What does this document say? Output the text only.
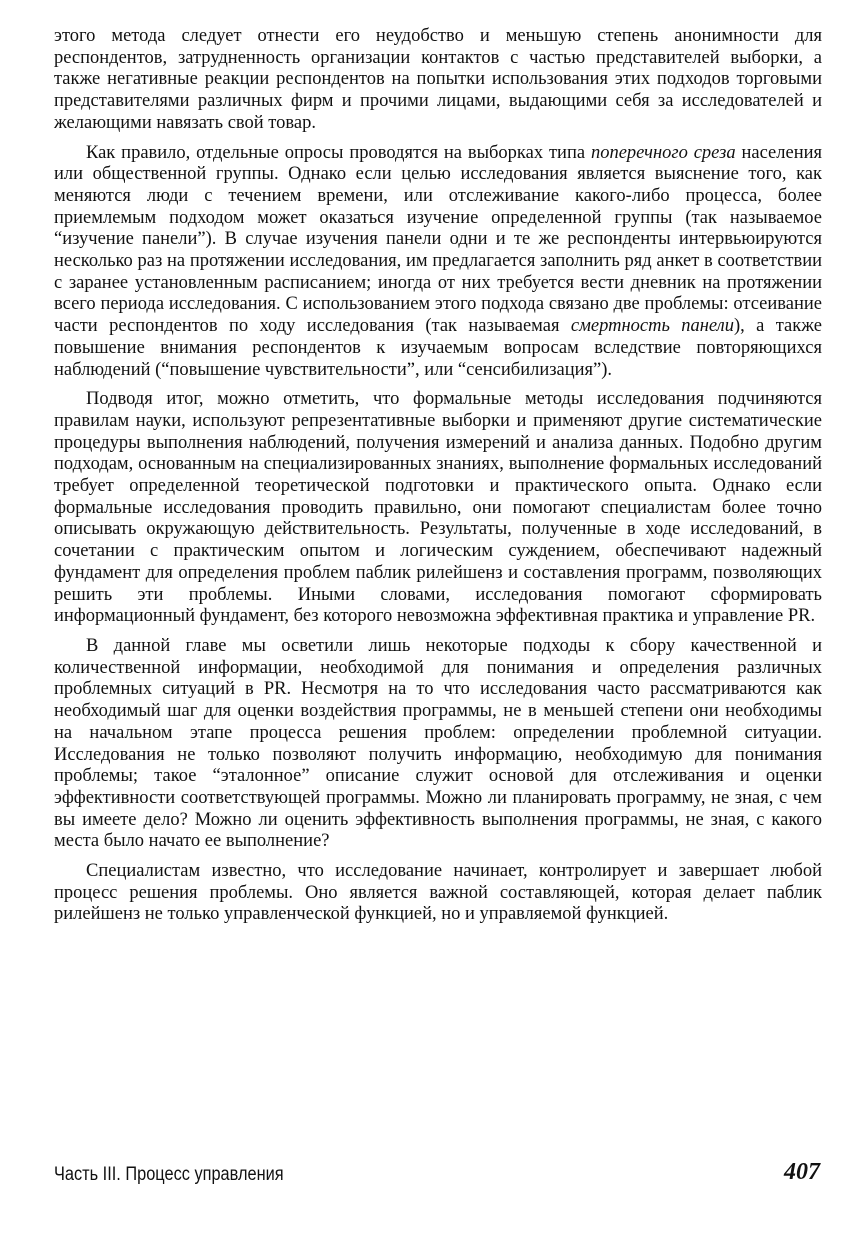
этого метода следует отнести его неудобство и меньшую степень анонимности для респондентов, затрудненность организации контактов с частью представителей выборки, а также негативные реакции респондентов на попытки использования этих подходов торговыми представителями различных фирм и прочими лицами, выдающими себя за исследователей и желающими навязать свой товар.

Как правило, отдельные опросы проводятся на выборках типа поперечного среза населения или общественной группы. Однако если целью исследования является выяснение того, как меняются люди с течением времени, или отслеживание какого-либо процесса, более приемлемым подходом может оказаться изучение определенной группы (так называемое “изучение панели”). В случае изучения панели одни и те же респонденты интервьюируются несколько раз на протяжении исследования, им предлагается заполнить ряд анкет в соответствии с заранее установленным расписанием; иногда от них требуется вести дневник на протяжении всего периода исследования. С использованием этого подхода связано две проблемы: отсеивание части респондентов по ходу исследования (так называемая смертность панели), а также повышение внимания респондентов к изучаемым вопросам вследствие повторяющихся наблюдений (“повышение чувствительности”, или “сенсибилизация”).

Подводя итог, можно отметить, что формальные методы исследования подчиняются правилам науки, используют репрезентативные выборки и применяют другие систематические процедуры выполнения наблюдений, получения измерений и анализа данных. Подобно другим подходам, основанным на специализированных знаниях, выполнение формальных исследований требует определенной теоретической подготовки и практического опыта. Однако если формальные исследования проводить правильно, они помогают специалистам более точно описывать окружающую действительность. Результаты, полученные в ходе исследований, в сочетании с практическим опытом и логическим суждением, обеспечивают надежный фундамент для определения проблем паблик рилейшенз и составления программ, позволяющих решить эти проблемы. Иными словами, исследования помогают сформировать информационный фундамент, без которого невозможна эффективная практика и управление PR.

В данной главе мы осветили лишь некоторые подходы к сбору качественной и количественной информации, необходимой для понимания и определения различных проблемных ситуаций в PR. Несмотря на то что исследования часто рассматриваются как необходимый шаг для оценки воздействия программы, не в меньшей степени они необходимы на начальном этапе процесса решения проблем: определении проблемной ситуации. Исследования не только позволяют получить информацию, необходимую для понимания проблемы; такое “эталонное” описание служит основой для отслеживания и оценки эффективности соответствующей программы. Можно ли планировать программу, не зная, с чем вы имеете дело? Можно ли оценить эффективность выполнения программы, не зная, с какого места было начато ее выполнение?

Специалистам известно, что исследование начинает, контролирует и завершает любой процесс решения проблемы. Оно является важной составляющей, которая делает паблик рилейшенз не только управленческой функцией, но и управляемой функцией.

Часть III. Процесс управления	407
